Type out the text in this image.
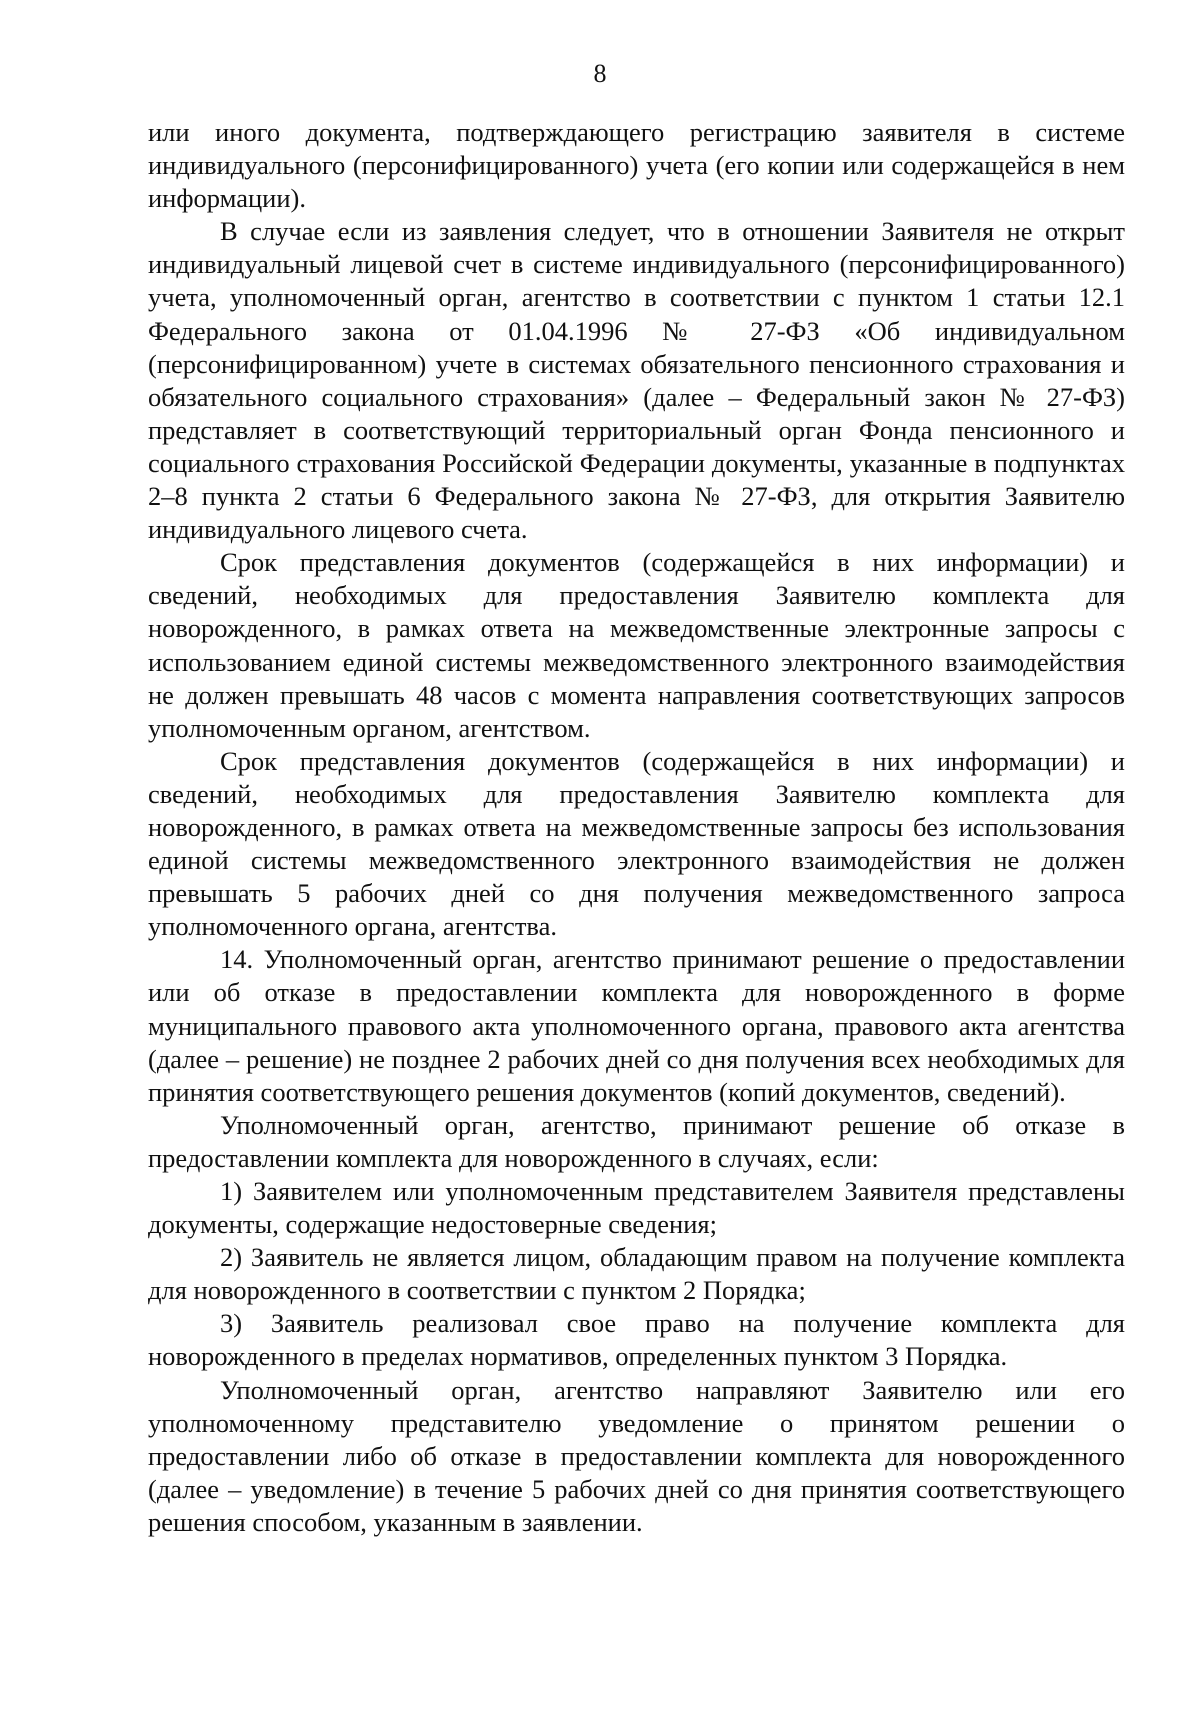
8

или иного документа, подтверждающего регистрацию заявителя в системе индивидуального (персонифицированного) учета (его копии или содержащейся в нем информации).

В случае если из заявления следует, что в отношении Заявителя не открыт индивидуальный лицевой счет в системе индивидуального (персонифицированного) учета, уполномоченный орган, агентство в соответствии с пунктом 1 статьи 12.1 Федерального закона от 01.04.1996 № 27-ФЗ «Об индивидуальном (персонифицированном) учете в системах обязательного пенсионного страхования и обязательного социального страхования» (далее – Федеральный закон № 27-ФЗ) представляет в соответствующий территориальный орган Фонда пенсионного и социального страхования Российской Федерации документы, указанные в подпунктах 2–8 пункта 2 статьи 6 Федерального закона № 27-ФЗ, для открытия Заявителю индивидуального лицевого счета.

Срок представления документов (содержащейся в них информации) и сведений, необходимых для предоставления Заявителю комплекта для новорожденного, в рамках ответа на межведомственные электронные запросы с использованием единой системы межведомственного электронного взаимодействия не должен превышать 48 часов с момента направления соответствующих запросов уполномоченным органом, агентством.

Срок представления документов (содержащейся в них информации) и сведений, необходимых для предоставления Заявителю комплекта для новорожденного, в рамках ответа на межведомственные запросы без использования единой системы межведомственного электронного взаимодействия не должен превышать 5 рабочих дней со дня получения межведомственного запроса уполномоченного органа, агентства.

14. Уполномоченный орган, агентство принимают решение о предоставлении или об отказе в предоставлении комплекта для новорожденного в форме муниципального правового акта уполномоченного органа, правового акта агентства (далее – решение) не позднее 2 рабочих дней со дня получения всех необходимых для принятия соответствующего решения документов (копий документов, сведений).

Уполномоченный орган, агентство, принимают решение об отказе в предоставлении комплекта для новорожденного в случаях, если:

1) Заявителем или уполномоченным представителем Заявителя представлены документы, содержащие недостоверные сведения;

2) Заявитель не является лицом, обладающим правом на получение комплекта для новорожденного в соответствии с пунктом 2 Порядка;

3) Заявитель реализовал свое право на получение комплекта для новорожденного в пределах нормативов, определенных пунктом 3 Порядка.

Уполномоченный орган, агентство направляют Заявителю или его уполномоченному представителю уведомление о принятом решении о предоставлении либо об отказе в предоставлении комплекта для новорожденного (далее – уведомление) в течение 5 рабочих дней со дня принятия соответствующего решения способом, указанным в заявлении.
